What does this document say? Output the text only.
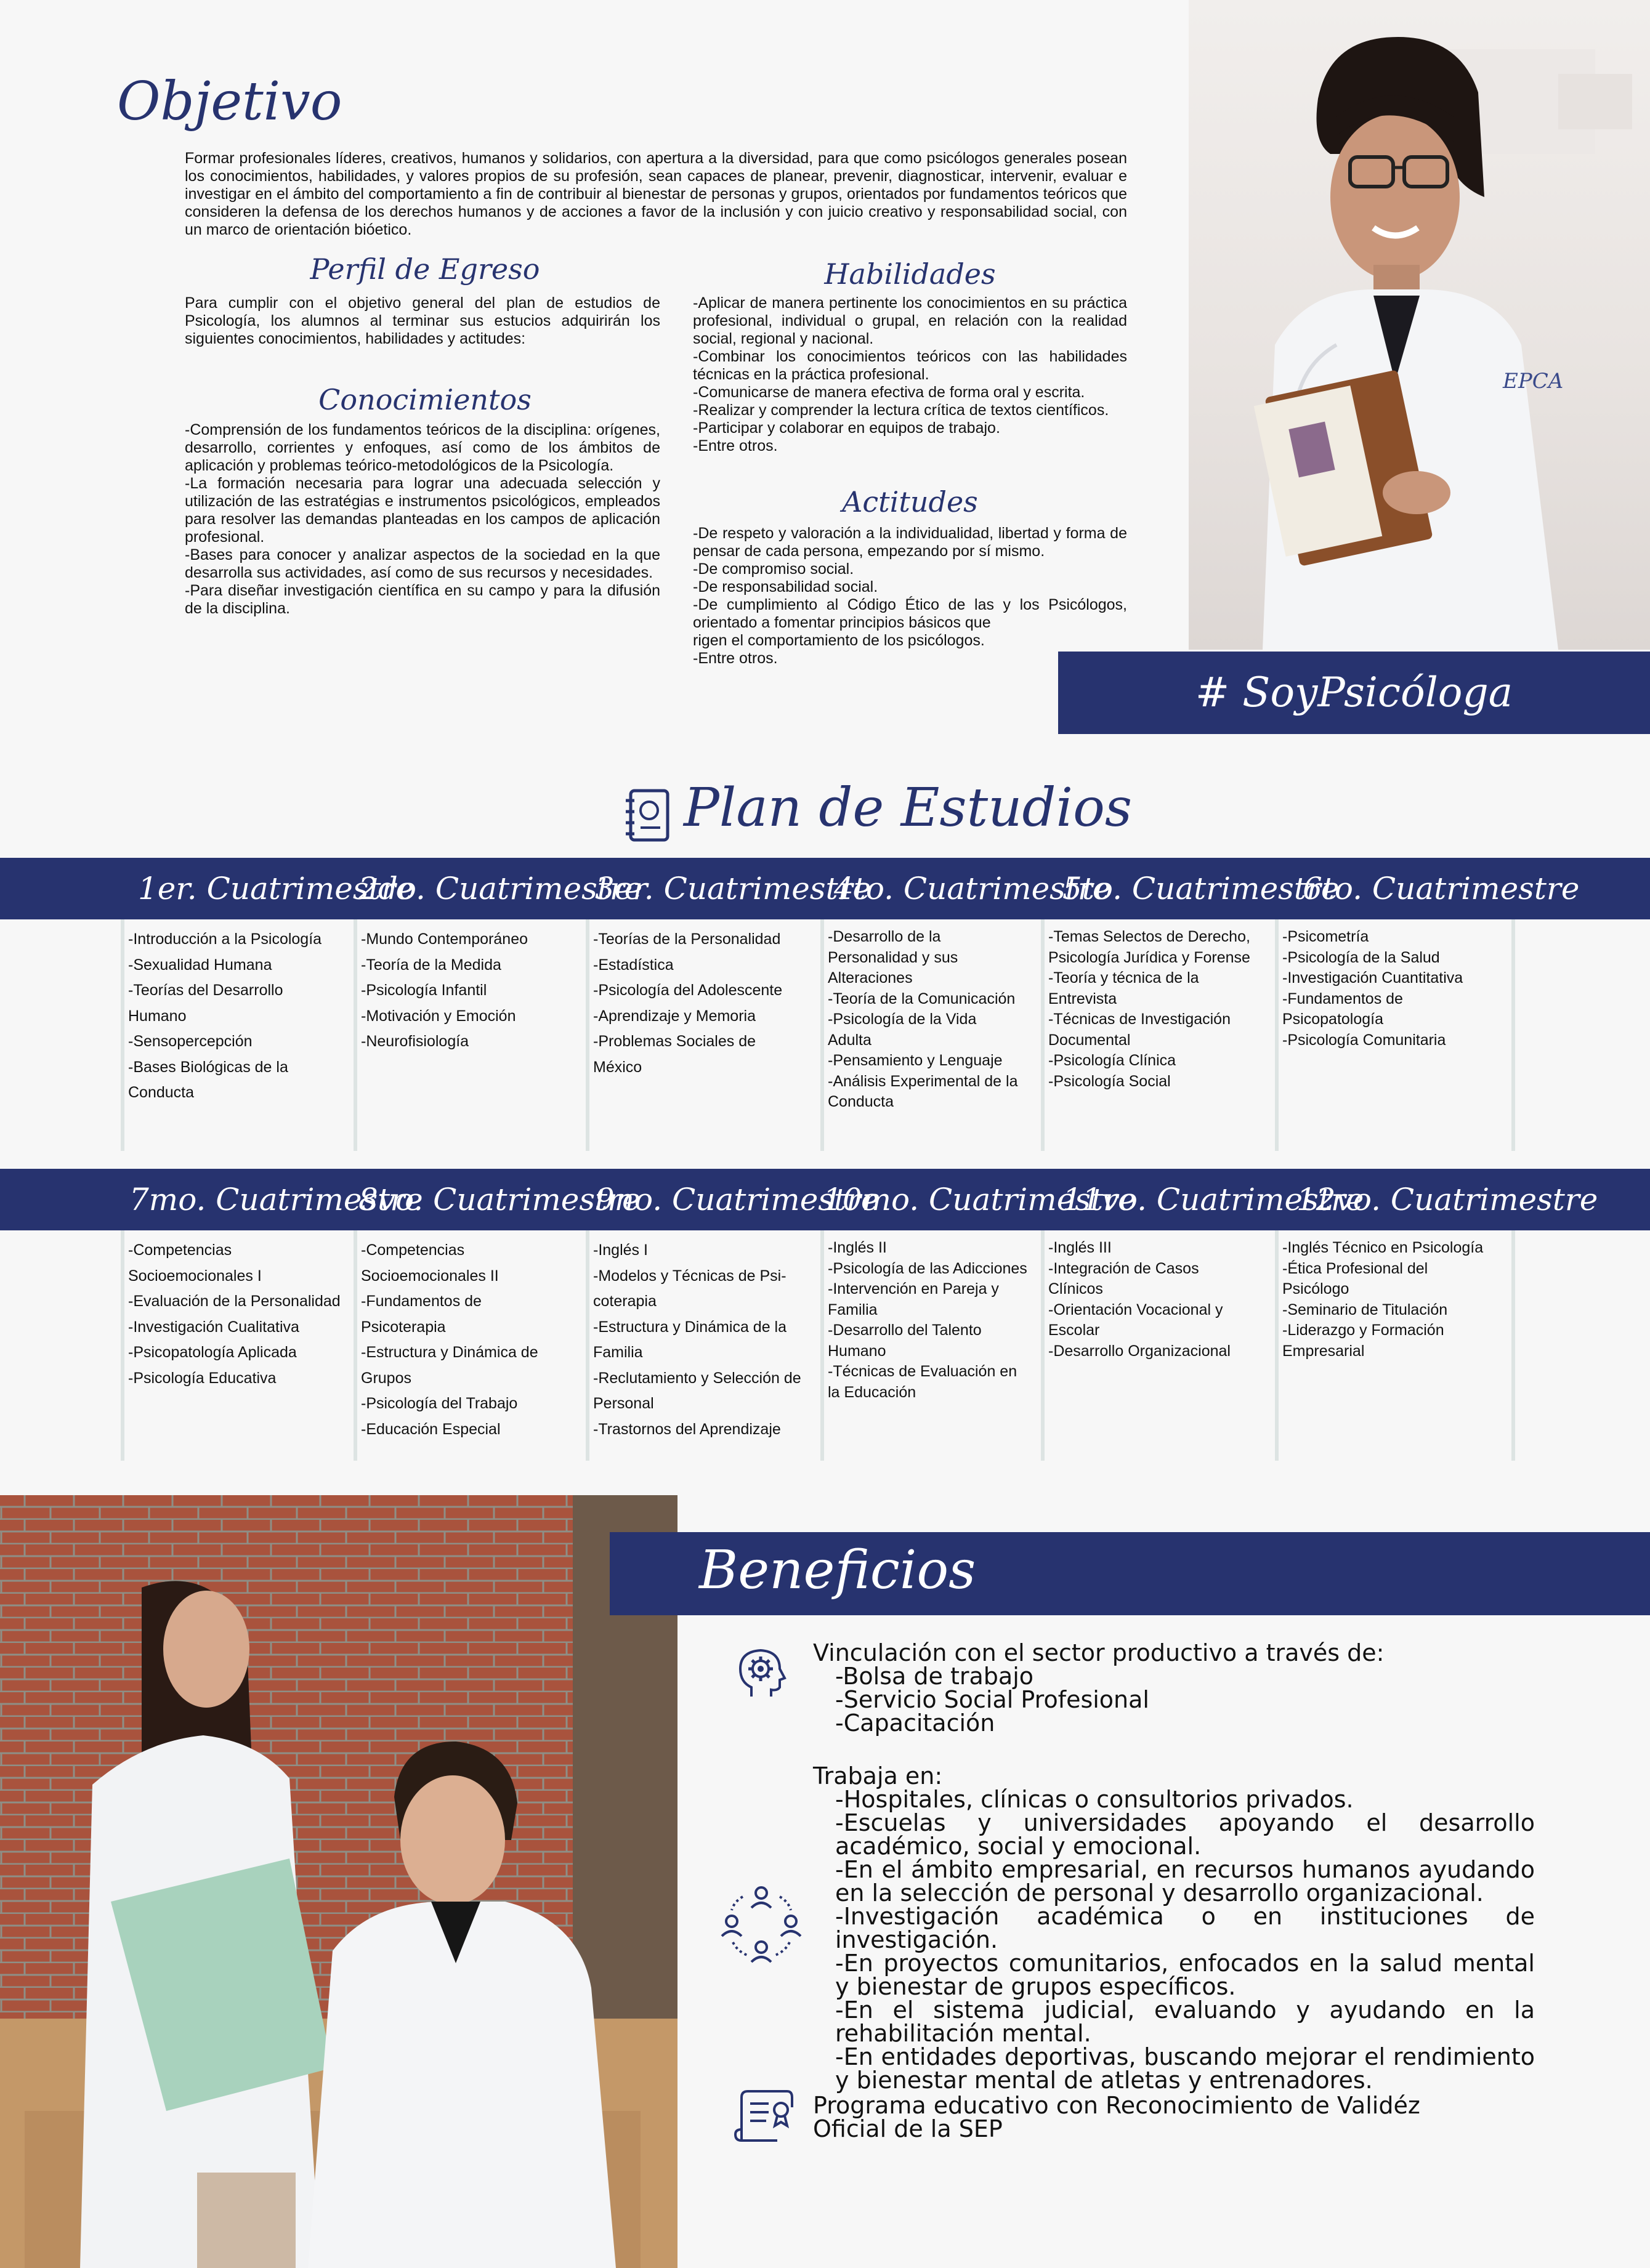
Objetivo

Formar profesionales líderes, creativos, humanos y solidarios, con apertura a la diversidad, para que como psicólogos generales posean los conocimientos, habilidades, y valores propios de su profesión, sean capaces de planear, prevenir, diagnosticar, intervenir, evaluar e investigar en el ámbito del comportamiento a fin de contribuir al bienestar de personas y grupos, orientados por fundamentos teóricos que consideren la defensa de los derechos humanos y de acciones a favor de la inclusión y con juicio creativo y responsabilidad social, con un marco de orientación bióetico.

Perfil de Egreso

Para cumplir con el objetivo general del plan de estudios de Psicología, los alumnos al terminar sus estucios adquirirán los siguientes conocimientos, habilidades y actitudes:

Conocimientos
-Comprensión de los fundamentos teóricos de la disciplina: orígenes, desarrollo, corrientes y enfoques, así como de los ámbitos de aplicación y problemas teórico-metodológicos de la Psicología.
-La formación necesaria para lograr una adecuada selección y utilización de las estratégias e instrumentos psicológicos, empleados para resolver las demandas planteadas en los campos de aplicación profesional.
-Bases para conocer y analizar aspectos de la sociedad en la que desarrolla sus actividades, así como de sus recursos y necesidades.
-Para diseñar investigación científica en su campo y para la difusión de la disciplina.
Habilidades
-Aplicar de manera pertinente los conocimientos en su práctica profesional, individual o grupal, en relación con la realidad social, regional y nacional.
-Combinar los conocimientos teóricos con las habilidades técnicas en la práctica profesional.
-Comunicarse de manera efectiva de forma oral y escrita.
-Realizar y comprender la lectura crítica de textos científicos.
-Participar y colaborar en equipos de trabajo.
-Entre otros.
Actitudes
-De respeto y valoración a la individualidad, libertad y forma de pensar de cada persona, empezando por sí mismo.
-De compromiso social.
-De responsabilidad social.
-De cumplimiento al Código Ético de las y los Psicólogos, orientado a fomentar principios básicos que
rigen el comportamiento de los psicólogos.
-Entre otros.
EPCA
# SoyPsicóloga
Plan de Estudios
1er. Cuatrimestre
2do. Cuatrimestre
3er. Cuatrimestre
4to. Cuatrimestre
5to. Cuatrimestre
6to. Cuatrimestre
-Introducción a la Psicología
-Sexualidad Humana
-Teorías del Desarrollo
Humano
-Sensopercepción
-Bases Biológicas de la
Conducta
-Mundo Contemporáneo
-Teoría de la Medida
-Psicología Infantil
-Motivación y Emoción
-Neurofisiología
-Teorías de la Personalidad
-Estadística
-Psicología del Adolescente
-Aprendizaje y Memoria
-Problemas Sociales de
México
-Desarrollo de la
Personalidad y sus
Alteraciones
-Teoría de la Comunicación
-Psicología de la Vida
Adulta
-Pensamiento y Lenguaje
-Análisis Experimental de la
Conducta
-Temas Selectos de Derecho,
Psicología Jurídica y Forense
-Teoría y técnica de la
Entrevista
-Técnicas de Investigación
Documental
-Psicología Clínica
-Psicología Social
-Psicometría
-Psicología de la Salud
-Investigación Cuantitativa
-Fundamentos de
Psicopatología
-Psicología Comunitaria
7mo. Cuatrimestre
8vo. Cuatrimestre
9no. Cuatrimestre
10mo. Cuatrimestre
11vo. Cuatrimestre
12vo. Cuatrimestre
-Competencias
Socioemocionales I
-Evaluación de la Personalidad
-Investigación Cualitativa
-Psicopatología Aplicada
-Psicología Educativa
-Competencias
Socioemocionales II
-Fundamentos de
Psicoterapia
-Estructura y Dinámica de
Grupos
-Psicología del Trabajo
-Educación Especial
-Inglés I
-Modelos y Técnicas de Psi-
coterapia
-Estructura y Dinámica de la
Familia
-Reclutamiento y Selección de
Personal
-Trastornos del Aprendizaje
-Inglés II
-Psicología de las Adicciones
-Intervención en Pareja y
Familia
-Desarrollo del Talento
Humano
-Técnicas de Evaluación en
la Educación
-Inglés III
-Integración de Casos
Clínicos
-Orientación Vocacional y
Escolar
-Desarrollo Organizacional
-Inglés Técnico en Psicología
-Ética Profesional del
Psicólogo
-Seminario de Titulación
-Liderazgo y Formación
Empresarial
Beneficios
Vinculación con el sector productivo a través de:
-Bolsa de trabajo
-Servicio Social Profesional
-Capacitación
Trabaja en:
-Hospitales, clínicas o consultorios privados.
-Escuelas y universidades apoyando el desarrollo académico, social y emocional.
-En el ámbito empresarial, en recursos humanos ayudando en la selección de personal y desarrollo organizacional.
-Investigación académica o en instituciones de investigación.
-En proyectos comunitarios, enfocados en la salud mental y bienestar de grupos específicos.
-En el sistema judicial, evaluando y ayudando en la rehabilitación mental.
-En entidades deportivas, buscando mejorar el rendimiento y bienestar mental de atletas y entrenadores.
Programa educativo con Reconocimiento de Validéz Oficial de la SEP
